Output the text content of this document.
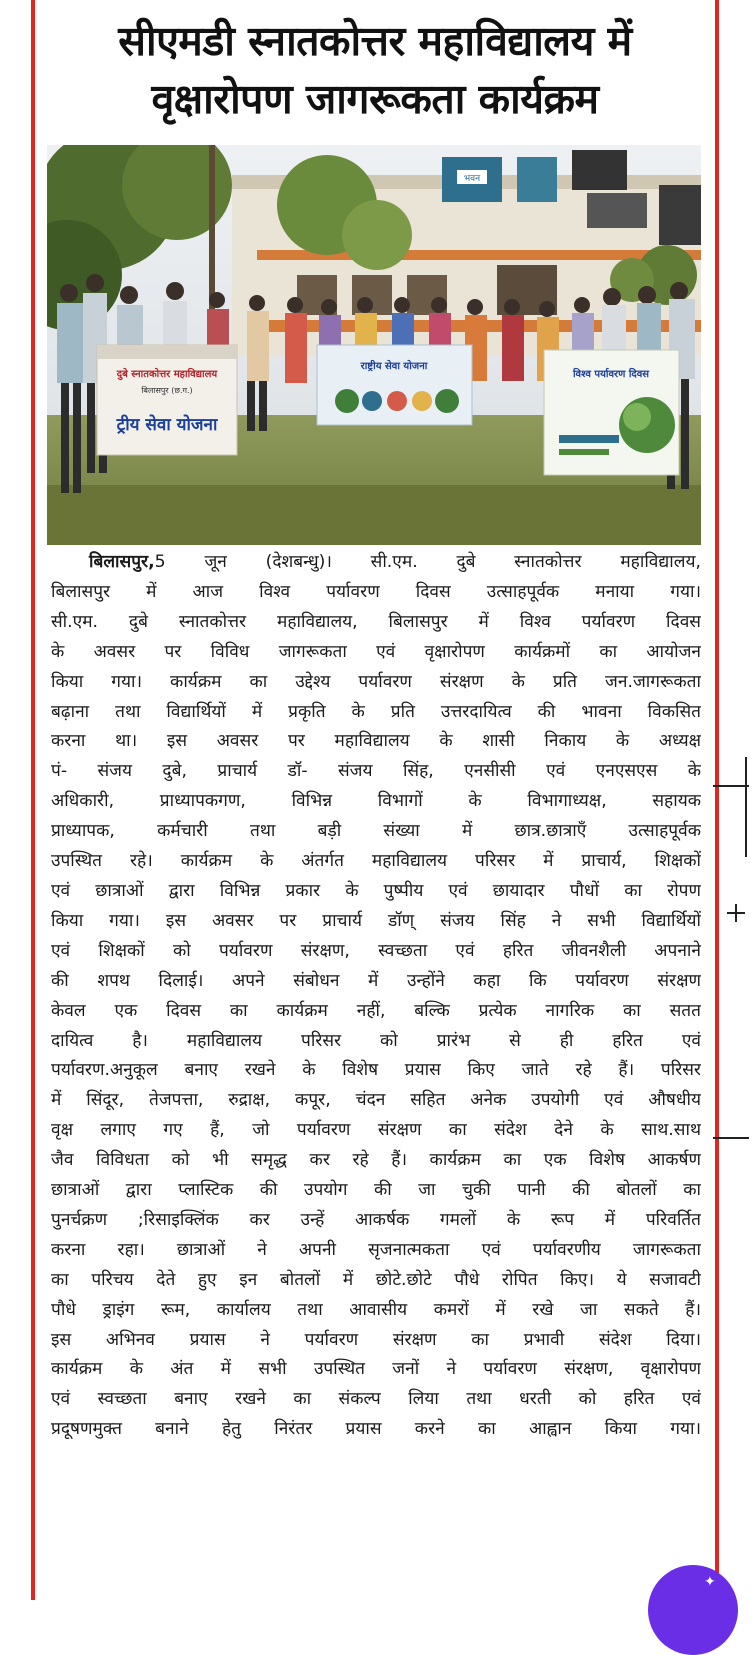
सीएमडी स्नातकोत्तर महाविद्यालय में
वृक्षारोपण जागरूकता कार्यक्रम
भवन
दुबे स्नातकोत्तर महाविद्यालय
बिलासपुर (छ.ग.)
ट्रीय सेवा योजना
राष्ट्रीय सेवा योजना
विश्व पर्यावरण दिवस
बिलासपुर,5 जून (देशबन्धु)। सी.एम. दुबे स्नातकोत्तर महाविद्यालय,
बिलासपुर में आज विश्व पर्यावरण दिवस उत्साहपूर्वक मनाया गया।
सी.एम. दुबे स्नातकोत्तर महाविद्यालय, बिलासपुर में विश्व पर्यावरण दिवस
के अवसर पर विविध जागरूकता एवं वृक्षारोपण कार्यक्रमों का आयोजन
किया गया। कार्यक्रम का उद्देश्य पर्यावरण संरक्षण के प्रति जन.जागरूकता
बढ़ाना तथा विद्यार्थियों में प्रकृति के प्रति उत्तरदायित्व की भावना विकसित
करना था। इस अवसर पर महाविद्यालय के शासी निकाय के अध्यक्ष
पं- संजय दुबे, प्राचार्य डॉ- संजय सिंह, एनसीसी एवं एनएसएस के
अधिकारी, प्राध्यापकगण, विभिन्न विभागों के विभागाध्यक्ष, सहायक
प्राध्यापक, कर्मचारी तथा बड़ी संख्या में छात्र.छात्राएँ उत्साहपूर्वक
उपस्थित रहे। कार्यक्रम के अंतर्गत महाविद्यालय परिसर में प्राचार्य, शिक्षकों
एवं छात्राओं द्वारा विभिन्न प्रकार के पुष्पीय एवं छायादार पौधों का रोपण
किया गया। इस अवसर पर प्राचार्य डॉण् संजय सिंह ने सभी विद्यार्थियों
एवं शिक्षकों को पर्यावरण संरक्षण, स्वच्छता एवं हरित जीवनशैली अपनाने
की शपथ दिलाई। अपने संबोधन में उन्होंने कहा कि पर्यावरण संरक्षण
केवल एक दिवस का कार्यक्रम नहीं, बल्कि प्रत्येक नागरिक का सतत
दायित्व है। महाविद्यालय परिसर को प्रारंभ से ही हरित एवं
पर्यावरण.अनुकूल बनाए रखने के विशेष प्रयास किए जाते रहे हैं। परिसर
में सिंदूर, तेजपत्ता, रुद्राक्ष, कपूर, चंदन सहित अनेक उपयोगी एवं औषधीय
वृक्ष लगाए गए हैं, जो पर्यावरण संरक्षण का संदेश देने के साथ.साथ
जैव विविधता को भी समृद्ध कर रहे हैं। कार्यक्रम का एक विशेष आकर्षण
छात्राओं द्वारा प्लास्टिक की उपयोग की जा चुकी पानी की बोतलों का
पुनर्चक्रण ;रिसाइक्लिंक कर उन्हें आकर्षक गमलों के रूप में परिवर्तित
करना रहा। छात्राओं ने अपनी सृजनात्मकता एवं पर्यावरणीय जागरूकता
का परिचय देते हुए इन बोतलों में छोटे.छोटे पौधे रोपित किए। ये सजावटी
पौधे ड्राइंग रूम, कार्यालय तथा आवासीय कमरों में रखे जा सकते हैं।
इस अभिनव प्रयास ने पर्यावरण संरक्षण का प्रभावी संदेश दिया।
कार्यक्रम के अंत में सभी उपस्थित जनों ने पर्यावरण संरक्षण, वृक्षारोपण
एवं स्वच्छता बनाए रखने का संकल्प लिया तथा धरती को हरित एवं
प्रदूषणमुक्त बनाने हेतु निरंतर प्रयास करने का आह्वान किया गया।
✦
